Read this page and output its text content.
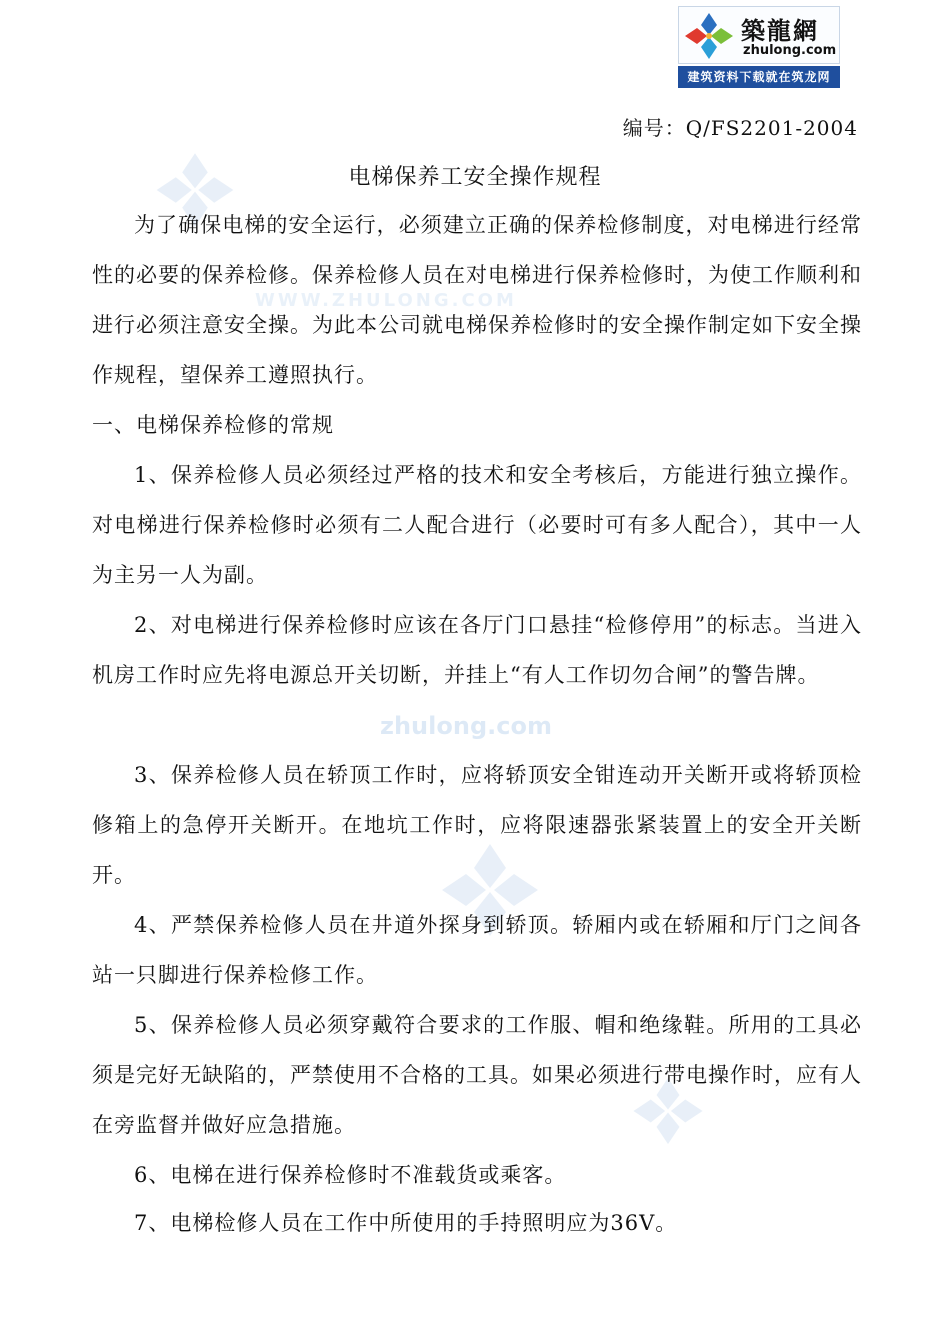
zhulong.com
WWW.ZHULONG.COM
築龍網
zhulong.com
建筑资料下载就在筑龙网
编号：Q/FS2201-2004
电梯保养工安全操作规程

为了确保电梯的安全运行，必须建立正确的保养检修制度，对电梯进行经常性的必要的保养检修。保养检修人员在对电梯进行保养检修时，为使工作顺利和进行必须注意安全操。为此本公司就电梯保养检修时的安全操作制定如下安全操作规程，望保养工遵照执行。

一、电梯保养检修的常规

1、保养检修人员必须经过严格的技术和安全考核后，方能进行独立操作。对电梯进行保养检修时必须有二人配合进行（必要时可有多人配合），其中一人为主另一人为副。

2、对电梯进行保养检修时应该在各厅门口悬挂“检修停用”的标志。当进入机房工作时应先将电源总开关切断，并挂上“有人工作切勿合闸”的警告牌。

3、保养检修人员在轿顶工作时，应将轿顶安全钳连动开关断开或将轿顶检修箱上的急停开关断开。在地坑工作时，应将限速器张紧装置上的安全开关断开。

4、严禁保养检修人员在井道外探身到轿顶。轿厢内或在轿厢和厅门之间各站一只脚进行保养检修工作。

5、保养检修人员必须穿戴符合要求的工作服、帽和绝缘鞋。所用的工具必须是完好无缺陷的，严禁使用不合格的工具。如果必须进行带电操作时，应有人在旁监督并做好应急措施。

6、电梯在进行保养检修时不准载货或乘客。

7、电梯检修人员在工作中所使用的手持照明应为36V。
